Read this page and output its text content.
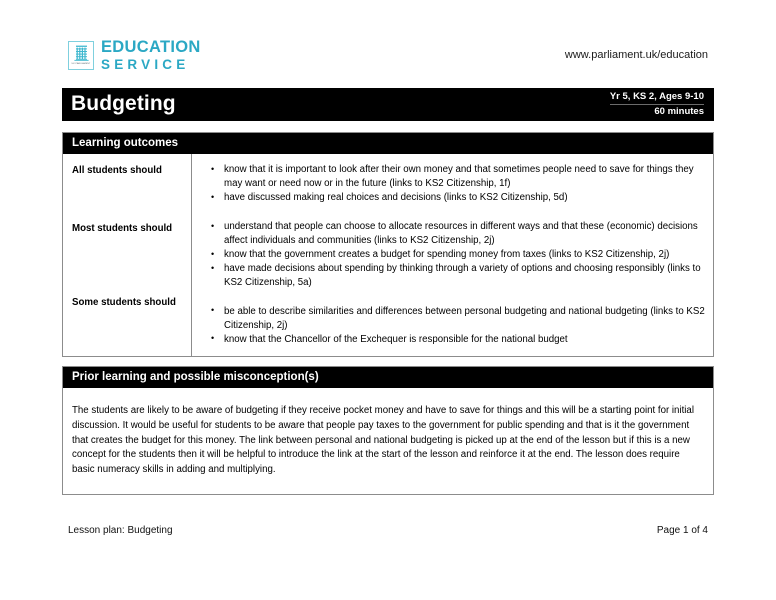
UK PARLIAMENT
EDUCATION
SERVICE
www.parliament.uk/education
Budgeting	Yr 5, KS 2, Ages 9-10
60 minutes
Learning outcomes
All students should
Most students should
Some students should
• know that it is important to look after their own money and that sometimes people need to save for things they may want or need now or in the future (links to KS2 Citizenship, 1f)
• have discussed making real choices and decisions (links to KS2 Citizenship, 5d)
• understand that people can choose to allocate resources in different ways and that these (economic) decisions affect individuals and communities (links to KS2 Citizenship, 2j)
• know that the government creates a budget for spending money from taxes (links to KS2 Citizenship, 2j)
• have made decisions about spending by thinking through a variety of options and choosing responsibly (links to KS2 Citizenship, 5a)
• be able to describe similarities and differences between personal budgeting and national budgeting (links to KS2 Citizenship, 2j)
• know that the Chancellor of the Exchequer is responsible for the national budget
Prior learning and possible misconception(s)

The students are likely to be aware of budgeting if they receive pocket money and have to save for things and this will be a starting point for initial discussion. It would be useful for students to be aware that people pay taxes to the government for public spending and that is it the government that creates the budget for this money. The link between personal and national budgeting is picked up at the end of the lesson but if this is a new concept for the students then it will be helpful to introduce the link at the start of the lesson and reinforce it at the end. The lesson does require basic numeracy skills in adding and multiplying.

Lesson plan: Budgeting	Page 1 of 4
